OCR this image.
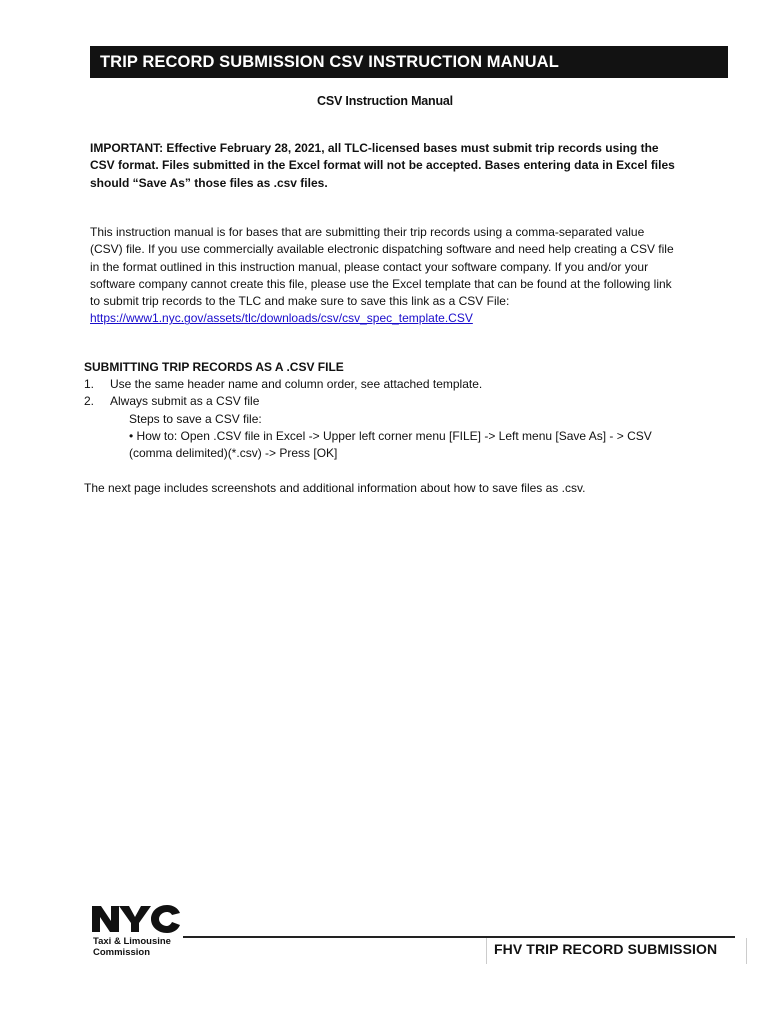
TRIP RECORD SUBMISSION CSV INSTRUCTION MANUAL
CSV Instruction Manual

IMPORTANT: Effective February 28, 2021, all TLC-licensed bases must submit trip records using the CSV format. Files submitted in the Excel format will not be accepted. Bases entering data in Excel files should “Save As” those files as .csv files.

This instruction manual is for bases that are submitting their trip records using a comma-separated value (CSV) file. If you use commercially available electronic dispatching software and need help creating a CSV file in the format outlined in this instruction manual, please contact your software company. If you and/or your software company cannot create this file, please use the Excel template that can be found at the following link to submit trip records to the TLC and make sure to save this link as a CSV File: https://www1.nyc.gov/assets/tlc/downloads/csv/csv_spec_template.CSV

SUBMITTING TRIP RECORDS AS A .CSV FILE
1. Use the same header name and column order, see attached template.
2. Always submit as a CSV file
Steps to save a CSV file:
• How to: Open .CSV file in Excel -> Upper left corner menu [FILE] -> Left menu [Save As] - > CSV
(comma delimited)(*.csv) -> Press [OK]
The next page includes screenshots and additional information about how to save files as .csv.
Taxi & Limousine
Commission	FHV TRIP RECORD SUBMISSION
